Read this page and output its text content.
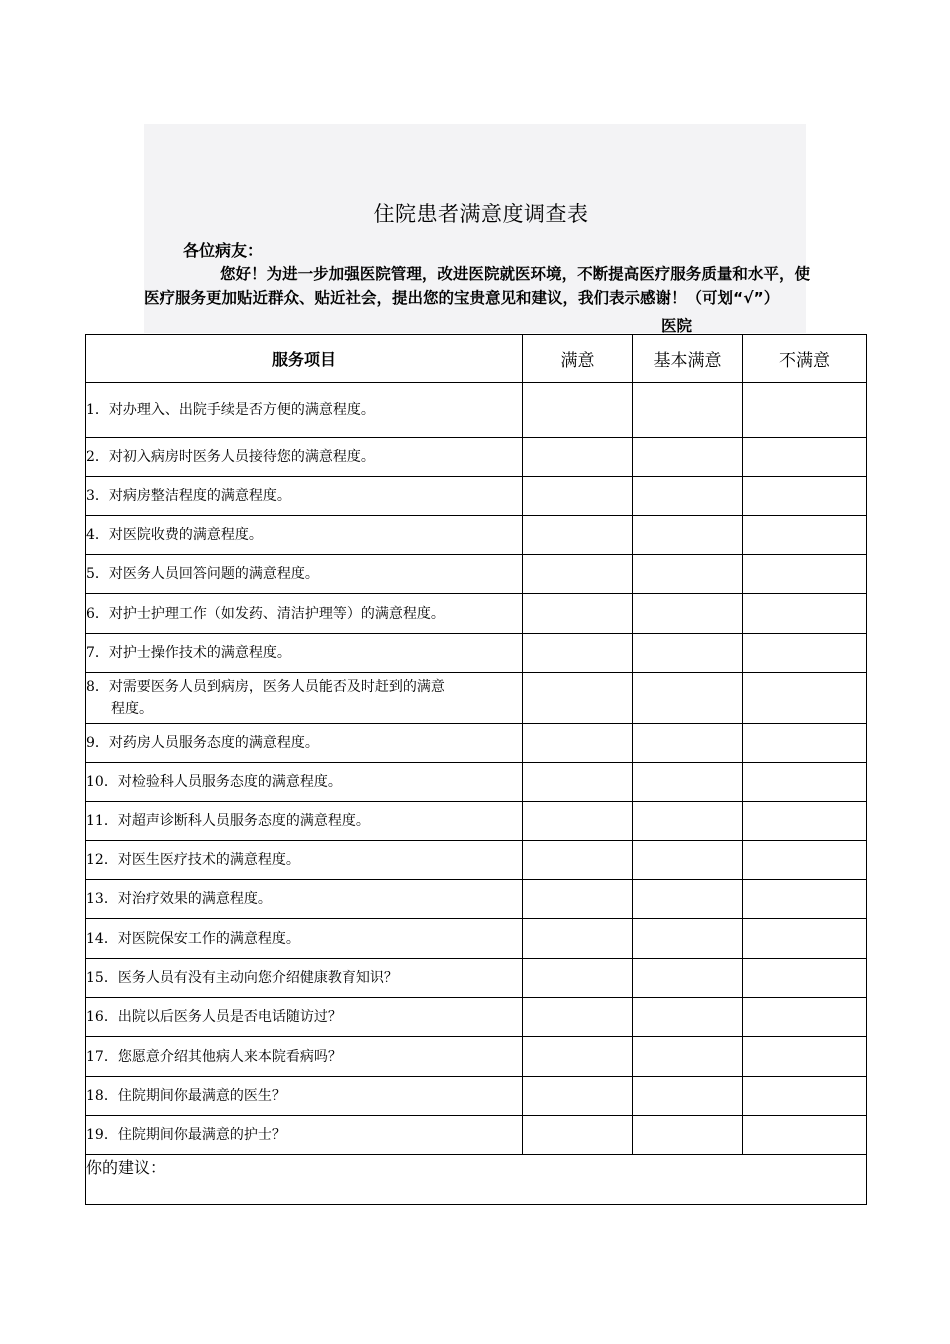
住院患者满意度调查表
各位病友：
您好！为进一步加强医院管理，改进医院就医环境，不断提高医疗服务质量和水平，使医疗服务更加贴近群众、贴近社会，提出您的宝贵意见和建议，我们表示感谢！（可划“√”）
医院
服务项目	满意	基本满意	不满意
1．对办理入、出院手续是否方便的满意程度。			
2．对初入病房时医务人员接待您的满意程度。			
3．对病房整洁程度的满意程度。			
4．对医院收费的满意程度。			
5．对医务人员回答问题的满意程度。			
6．对护士护理工作（如发药、清洁护理等）的满意程度。			
7．对护士操作技术的满意程度。			
8．对需要医务人员到病房，医务人员能否及时赶到的满意
程度。			

9．对药房人员服务态度的满意程度。			
10．对检验科人员服务态度的满意程度。			
11．对超声诊断科人员服务态度的满意程度。			
12．对医生医疗技术的满意程度。			
13．对治疗效果的满意程度。			
14．对医院保安工作的满意程度。			
15．医务人员有没有主动向您介绍健康教育知识？			
16．出院以后医务人员是否电话随访过？			
17．您愿意介绍其他病人来本院看病吗？			
18．住院期间你最满意的医生？			
19．住院期间你最满意的护士？			
你的建议：			
